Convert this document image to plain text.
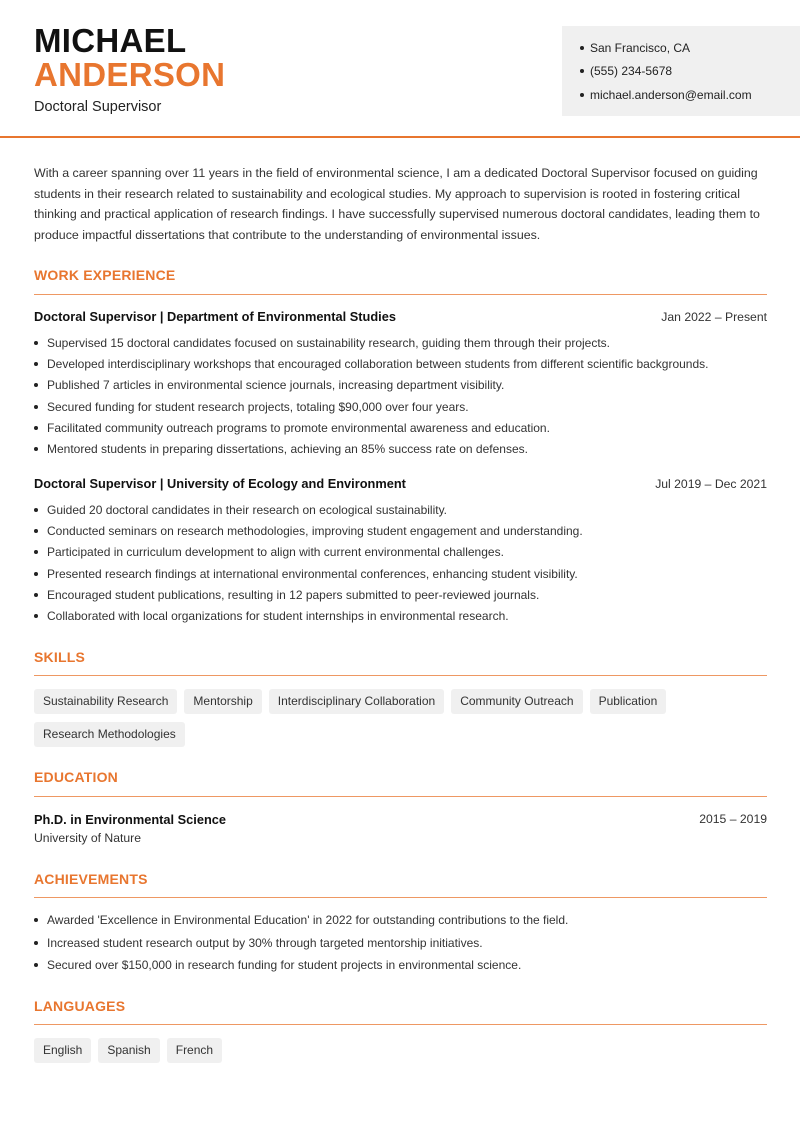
MICHAEL
ANDERSON
Doctoral Supervisor
San Francisco, CA
(555) 234-5678
michael.anderson@email.com

With a career spanning over 11 years in the field of environmental science, I am a dedicated Doctoral Supervisor focused on guiding students in their research related to sustainability and ecological studies. My approach to supervision is rooted in fostering critical thinking and practical application of research findings. I have successfully supervised numerous doctoral candidates, leading them to produce impactful dissertations that contribute to the understanding of environmental issues.

WORK EXPERIENCE
Doctoral Supervisor | Department of Environmental Studies	Jan 2022 – Present
Supervised 15 doctoral candidates focused on sustainability research, guiding them through their projects.
Developed interdisciplinary workshops that encouraged collaboration between students from different scientific backgrounds.
Published 7 articles in environmental science journals, increasing department visibility.
Secured funding for student research projects, totaling $90,000 over four years.
Facilitated community outreach programs to promote environmental awareness and education.
Mentored students in preparing dissertations, achieving an 85% success rate on defenses.
Doctoral Supervisor | University of Ecology and Environment	Jul 2019 – Dec 2021
Guided 20 doctoral candidates in their research on ecological sustainability.
Conducted seminars on research methodologies, improving student engagement and understanding.
Participated in curriculum development to align with current environmental challenges.
Presented research findings at international environmental conferences, enhancing student visibility.
Encouraged student publications, resulting in 12 papers submitted to peer-reviewed journals.
Collaborated with local organizations for student internships in environmental research.
SKILLS
Sustainability Research	Mentorship	Interdisciplinary Collaboration	Community Outreach	Publication
Research Methodologies
EDUCATION
Ph.D. in Environmental Science	2015 – 2019
University of Nature
ACHIEVEMENTS
Awarded 'Excellence in Environmental Education' in 2022 for outstanding contributions to the field.
Increased student research output by 30% through targeted mentorship initiatives.
Secured over $150,000 in research funding for student projects in environmental science.
LANGUAGES
English	Spanish	French
